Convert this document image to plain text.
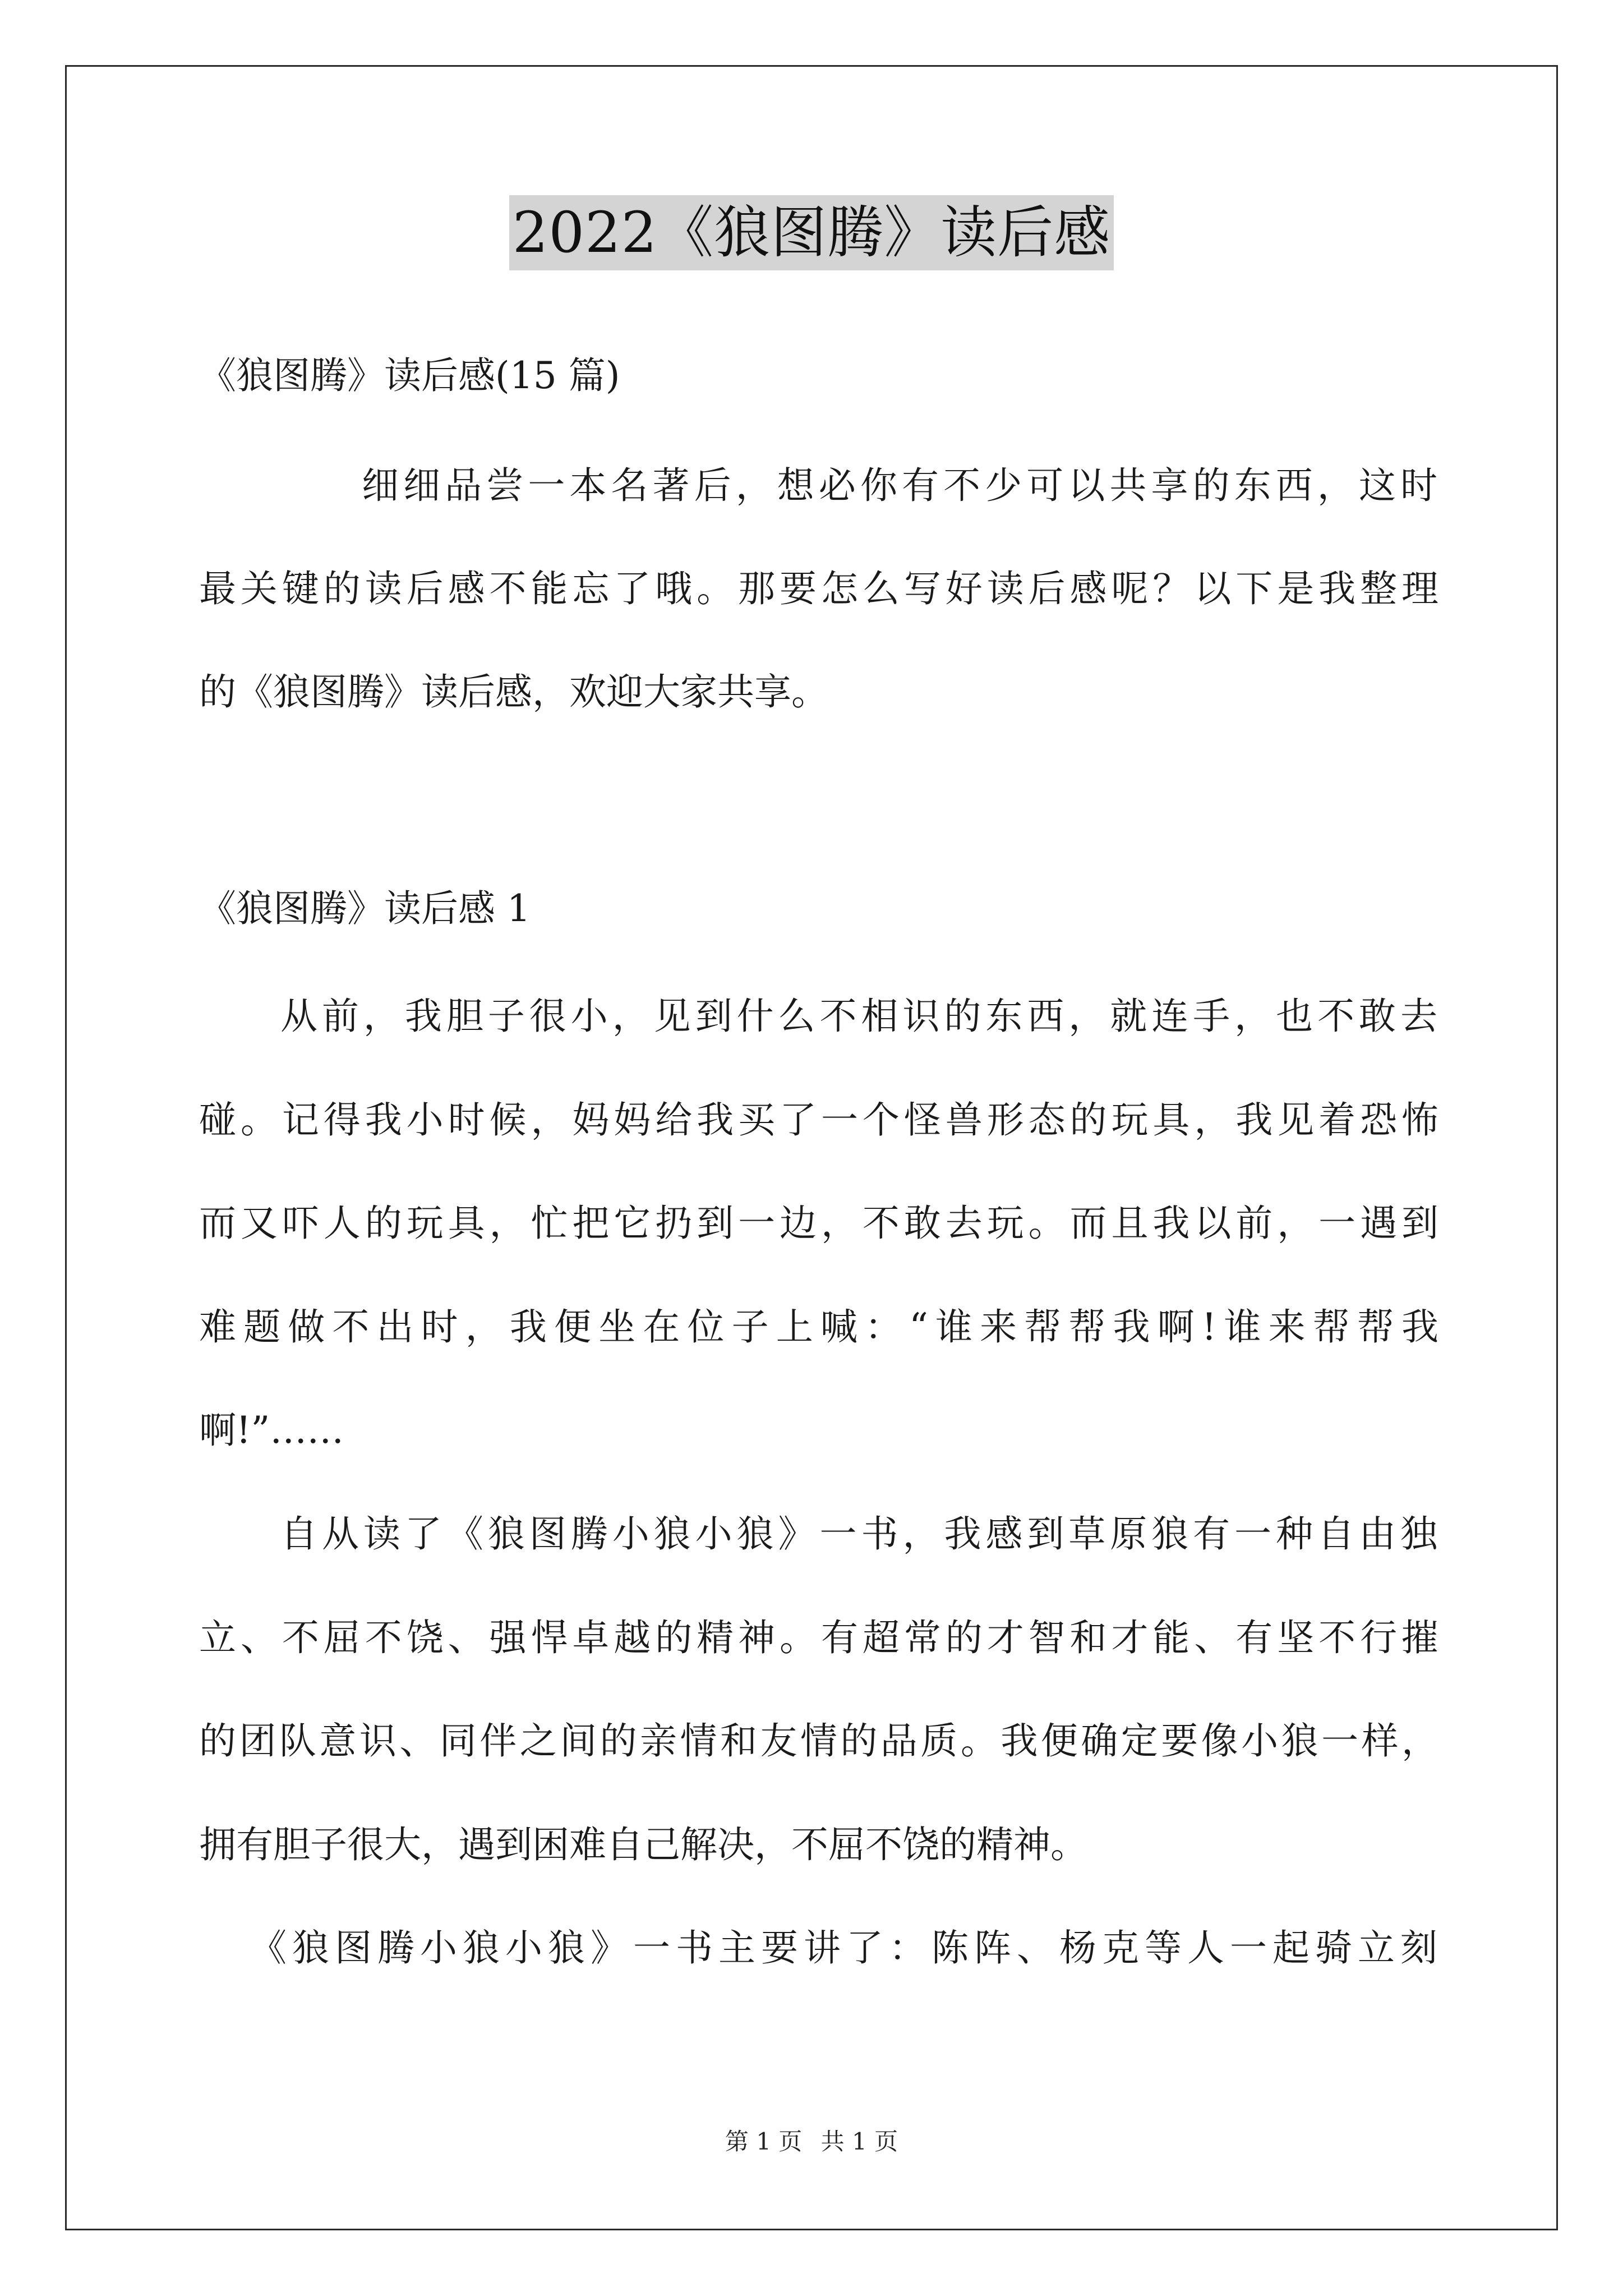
2022《狼图腾》读后感
《狼图腾》读后感(15 篇)
细细品尝一本名著后，想必你有不少可以共享的东西，这时
最关键的读后感不能忘了哦。那要怎么写好读后感呢？以下是我整理
的《狼图腾》读后感，欢迎大家共享。
《狼图腾》读后感 1
从前，我胆子很小，见到什么不相识的东西，就连手，也不敢去
碰。记得我小时候，妈妈给我买了一个怪兽形态的玩具，我见着恐怖
而又吓人的玩具，忙把它扔到一边，不敢去玩。而且我以前，一遇到
难题做不出时，我便坐在位子上喊：“谁来帮帮我啊!谁来帮帮我
啊!”……
自从读了《狼图腾小狼小狼》一书，我感到草原狼有一种自由独
立、不屈不饶、强悍卓越的精神。有超常的才智和才能、有坚不行摧
的团队意识、同伴之间的亲情和友情的品质。我便确定要像小狼一样，
拥有胆子很大，遇到困难自己解决，不屈不饶的精神。
《狼图腾小狼小狼》一书主要讲了：陈阵、杨克等人一起骑立刻
第 1 页 共 1 页
